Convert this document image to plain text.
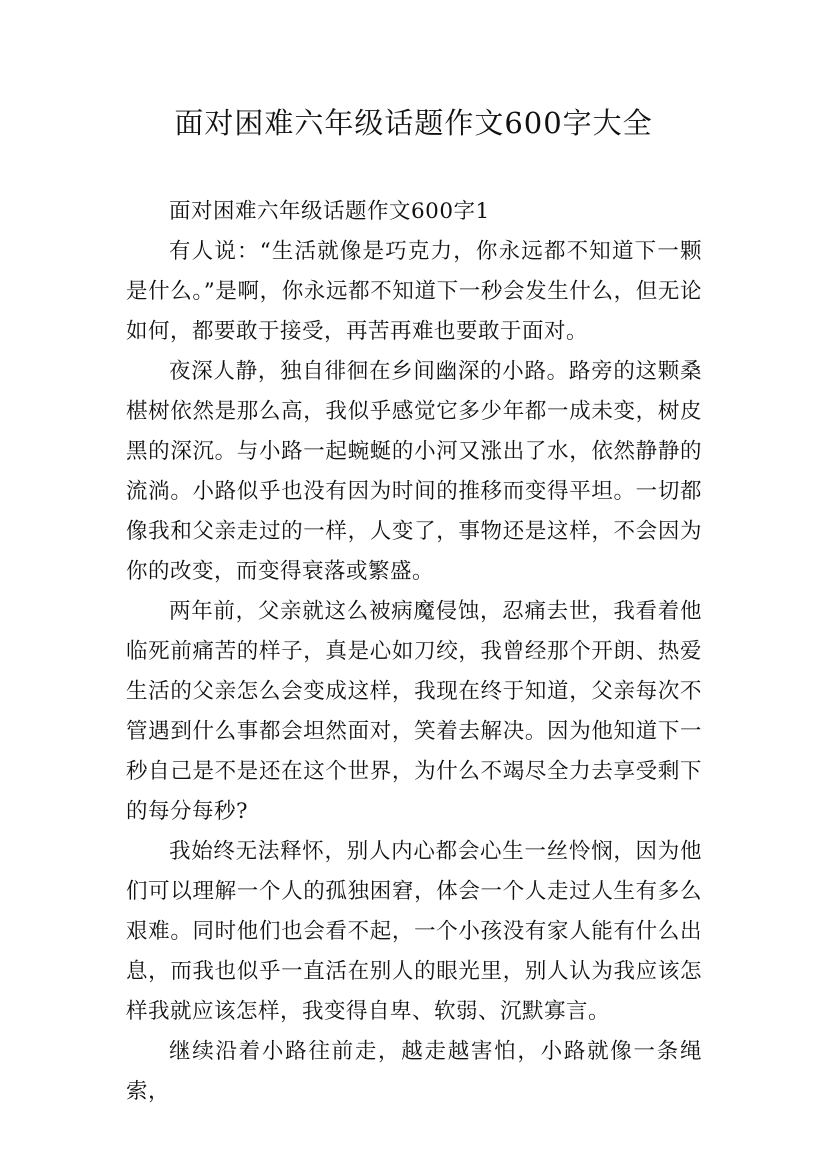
面对困难六年级话题作文600字大全

面对困难六年级话题作文600字1

有人说：“生活就像是巧克力，你永远都不知道下一颗是什么。”是啊，你永远都不知道下一秒会发生什么，但无论如何，都要敢于接受，再苦再难也要敢于面对。

夜深人静，独自徘徊在乡间幽深的小路。路旁的这颗桑椹树依然是那么高，我似乎感觉它多少年都一成未变，树皮黑的深沉。与小路一起蜿蜒的小河又涨出了水，依然静静的流淌。小路似乎也没有因为时间的推移而变得平坦。一切都像我和父亲走过的一样，人变了，事物还是这样，不会因为你的改变，而变得衰落或繁盛。

两年前，父亲就这么被病魔侵蚀，忍痛去世，我看着他临死前痛苦的样子，真是心如刀绞，我曾经那个开朗、热爱生活的父亲怎么会变成这样，我现在终于知道，父亲每次不管遇到什么事都会坦然面对，笑着去解决。因为他知道下一秒自己是不是还在这个世界，为什么不竭尽全力去享受剩下的每分每秒?

我始终无法释怀，别人内心都会心生一丝怜悯，因为他们可以理解一个人的孤独困窘，体会一个人走过人生有多么艰难。同时他们也会看不起，一个小孩没有家人能有什么出息，而我也似乎一直活在别人的眼光里，别人认为我应该怎样我就应该怎样，我变得自卑、软弱、沉默寡言。

继续沿着小路往前走，越走越害怕，小路就像一条绳索，
